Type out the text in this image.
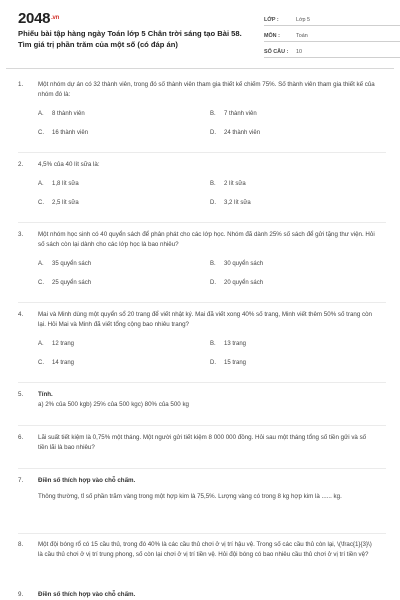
$2048^{.vn}$
Phiếu bài tập hàng ngày Toán lớp 5 Chân trời sáng tạo Bài 58. Tìm giá trị phần trăm của một số (có đáp án)
LỚP :	Lớp 5
MÔN :	Toán
SỐ CÂU :	10
1.	Một nhóm dự án có 32 thành viên, trong đó số thành viên tham gia thiết kế chiếm 75%. Số thành viên tham gia thiết kế của nhóm đó là:
A.	8 thành viên	B.	7 thành viên
C.	16 thành viên	D.	24 thành viên
2.	4,5% của 40 lít sữa là:
A.	1,8 lít sữa	B.	2 lít sữa
C.	2,5 lít sữa	D.	3,2 lít sữa
3.	Một nhóm học sinh có 40 quyển sách để phân phát cho các lớp học. Nhóm đã dành 25% số sách để gửi tặng thư viện. Hỏi số sách còn lại dành cho các lớp học là bao nhiêu?
A.	35 quyển sách	B.	30 quyển sách
C.	25 quyển sách	D.	20 quyển sách
4.	Mai và Minh dùng một quyển sổ 20 trang để viết nhật ký. Mai đã viết xong 40% số trang, Minh viết thêm 50% số trang còn lại. Hỏi Mai và Minh đã viết tổng cộng bao nhiêu trang?
A.	12 trang	B.	13 trang
C.	14 trang	D.	15 trang
5.	Tính.
a) 2% của 500 kgb) 25% của 500 kgc) 80% của 500 kg
6.	Lãi suất tiết kiệm là 0,75% một tháng. Một người gửi tiết kiệm 8 000 000 đồng. Hỏi sau một tháng tổng số tiền gửi và số tiền lãi là bao nhiêu?
7.	Điền số thích hợp vào chỗ chấm.
Thông thường, tỉ số phần trăm vàng trong một hợp kim là 75,5%. Lượng vàng có trong 8 kg hợp kim là ...... kg.
8.	Một đội bóng rổ có 15 cầu thủ, trong đó 40% là các cầu thủ chơi ở vị trí hậu vệ. Trong số các cầu thủ còn lại, \(\frac{1}{3}\) là cầu thủ chơi ở vị trí trung phong, số còn lại chơi ở vị trí tiền vệ. Hỏi đội bóng có bao nhiêu cầu thủ chơi ở vị trí tiền vệ?
9.	Điền số thích hợp vào chỗ chấm.
